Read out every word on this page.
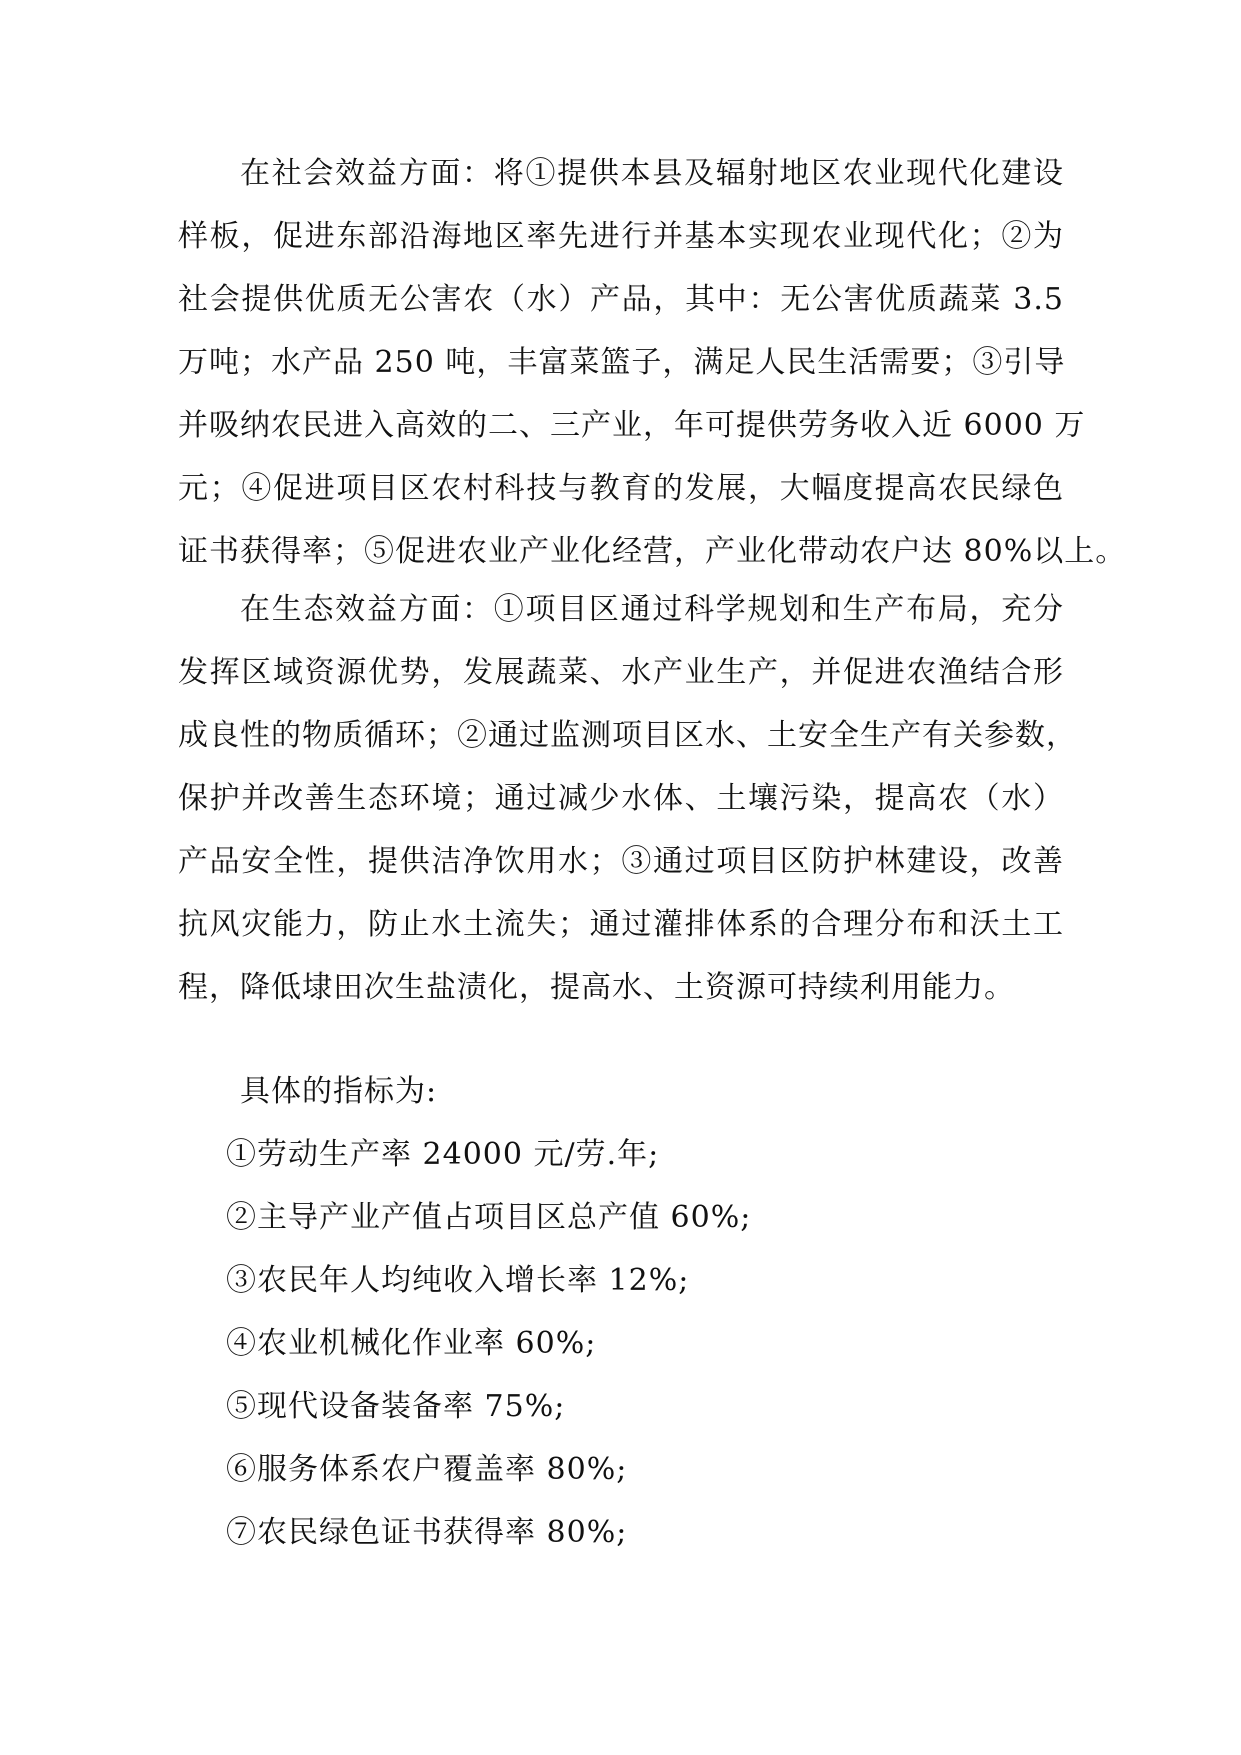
在社会效益方面：将①提供本县及辐射地区农业现代化建设
样板，促进东部沿海地区率先进行并基本实现农业现代化；②为
社会提供优质无公害农（水）产品，其中：无公害优质蔬菜 3.5
万吨；水产品 250 吨，丰富菜篮子，满足人民生活需要；③引导
并吸纳农民进入高效的二、三产业，年可提供劳务收入近 6000 万
元；④促进项目区农村科技与教育的发展，大幅度提高农民绿色
证书获得率；⑤促进农业产业化经营，产业化带动农户达 80%以上。
在生态效益方面：①项目区通过科学规划和生产布局，充分
发挥区域资源优势，发展蔬菜、水产业生产，并促进农渔结合形
成良性的物质循环；②通过监测项目区水、土安全生产有关参数，
保护并改善生态环境；通过减少水体、土壤污染，提高农（水）
产品安全性，提供洁净饮用水；③通过项目区防护林建设，改善
抗风灾能力，防止水土流失；通过灌排体系的合理分布和沃土工
程，降低埭田次生盐渍化，提高水、土资源可持续利用能力。
具体的指标为:
①劳动生产率 24000 元/劳.年;
②主导产业产值占项目区总产值 60%;
③农民年人均纯收入增长率 12%;
④农业机械化作业率 60%;
⑤现代设备装备率 75%;
⑥服务体系农户覆盖率 80%;
⑦农民绿色证书获得率 80%;
